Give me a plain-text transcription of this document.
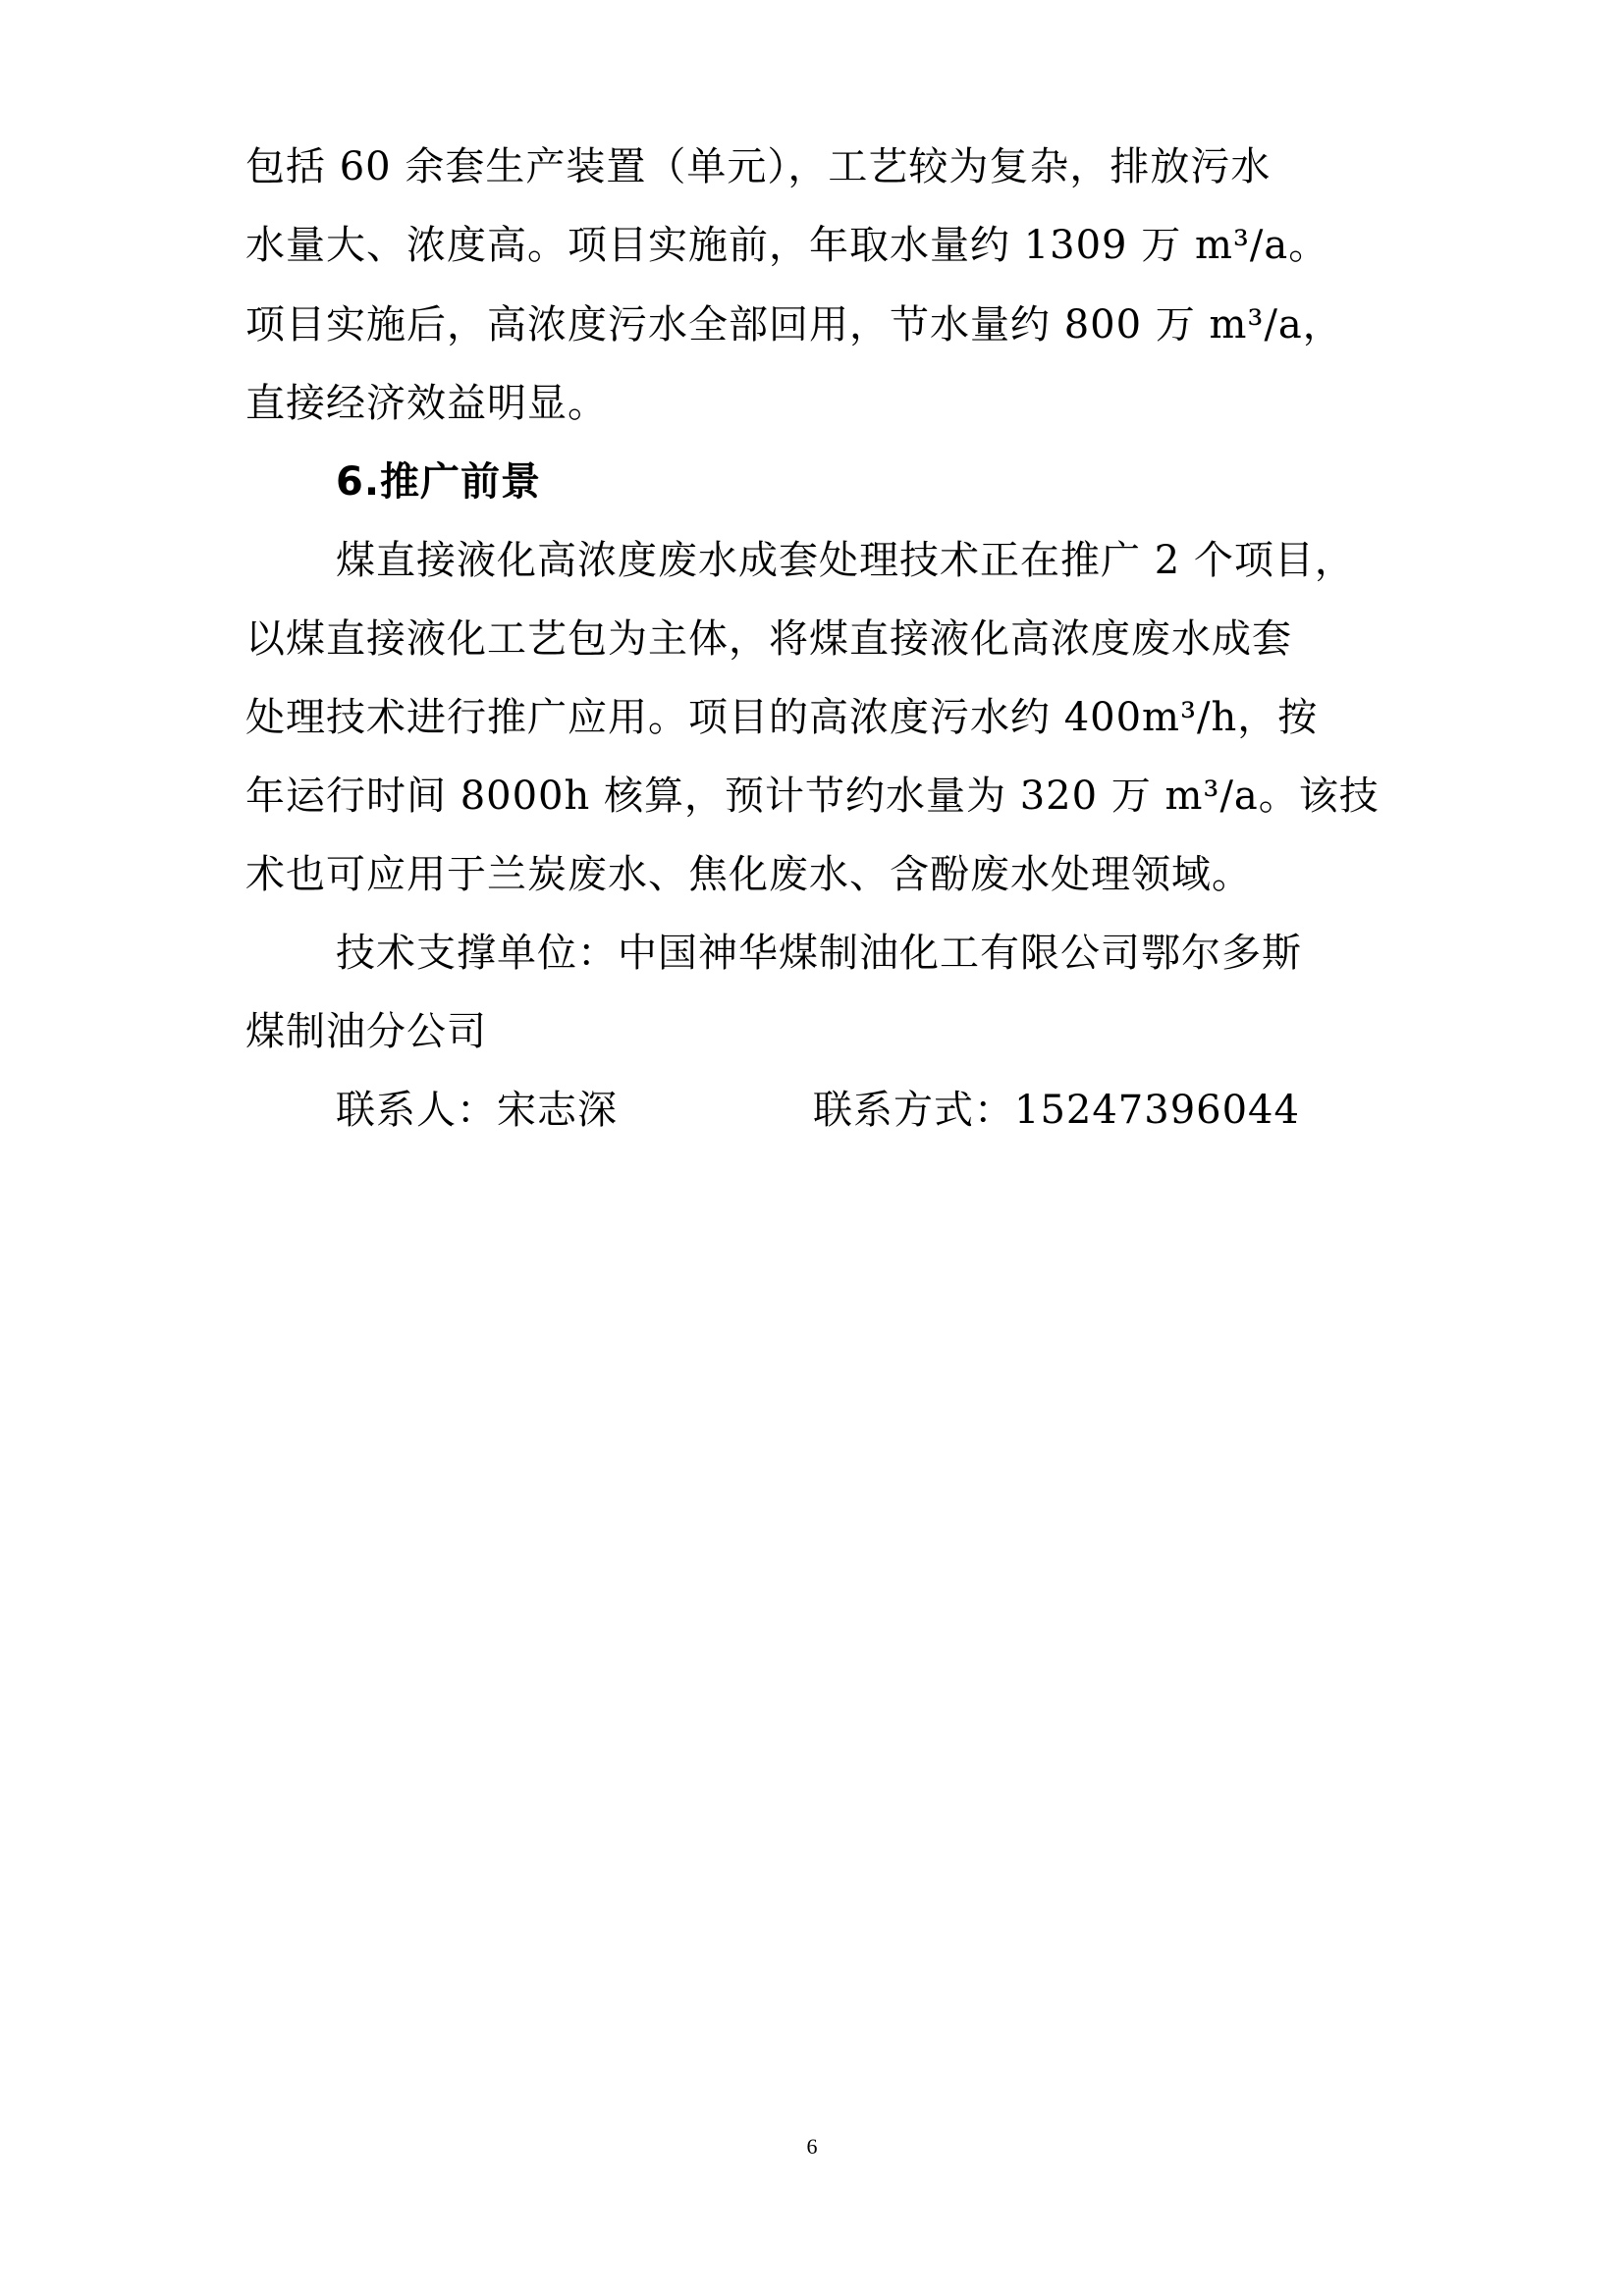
包括 60 余套生产装置（单元），工艺较为复杂，排放污水
水量大、浓度高。项目实施前，年取水量约 1309 万 m³/a。
项目实施后，高浓度污水全部回用，节水量约 800 万 m³/a，
直接经济效益明显。
6.推广前景
煤直接液化高浓度废水成套处理技术正在推广 2 个项目，
以煤直接液化工艺包为主体，将煤直接液化高浓度废水成套
处理技术进行推广应用。项目的高浓度污水约 400m³/h，按
年运行时间 8000h 核算，预计节约水量为 320 万 m³/a。该技
术也可应用于兰炭废水、焦化废水、含酚废水处理领域。
技术支撑单位：中国神华煤制油化工有限公司鄂尔多斯
煤制油分公司
联系人：宋志深	联系方式：15247396044
6
